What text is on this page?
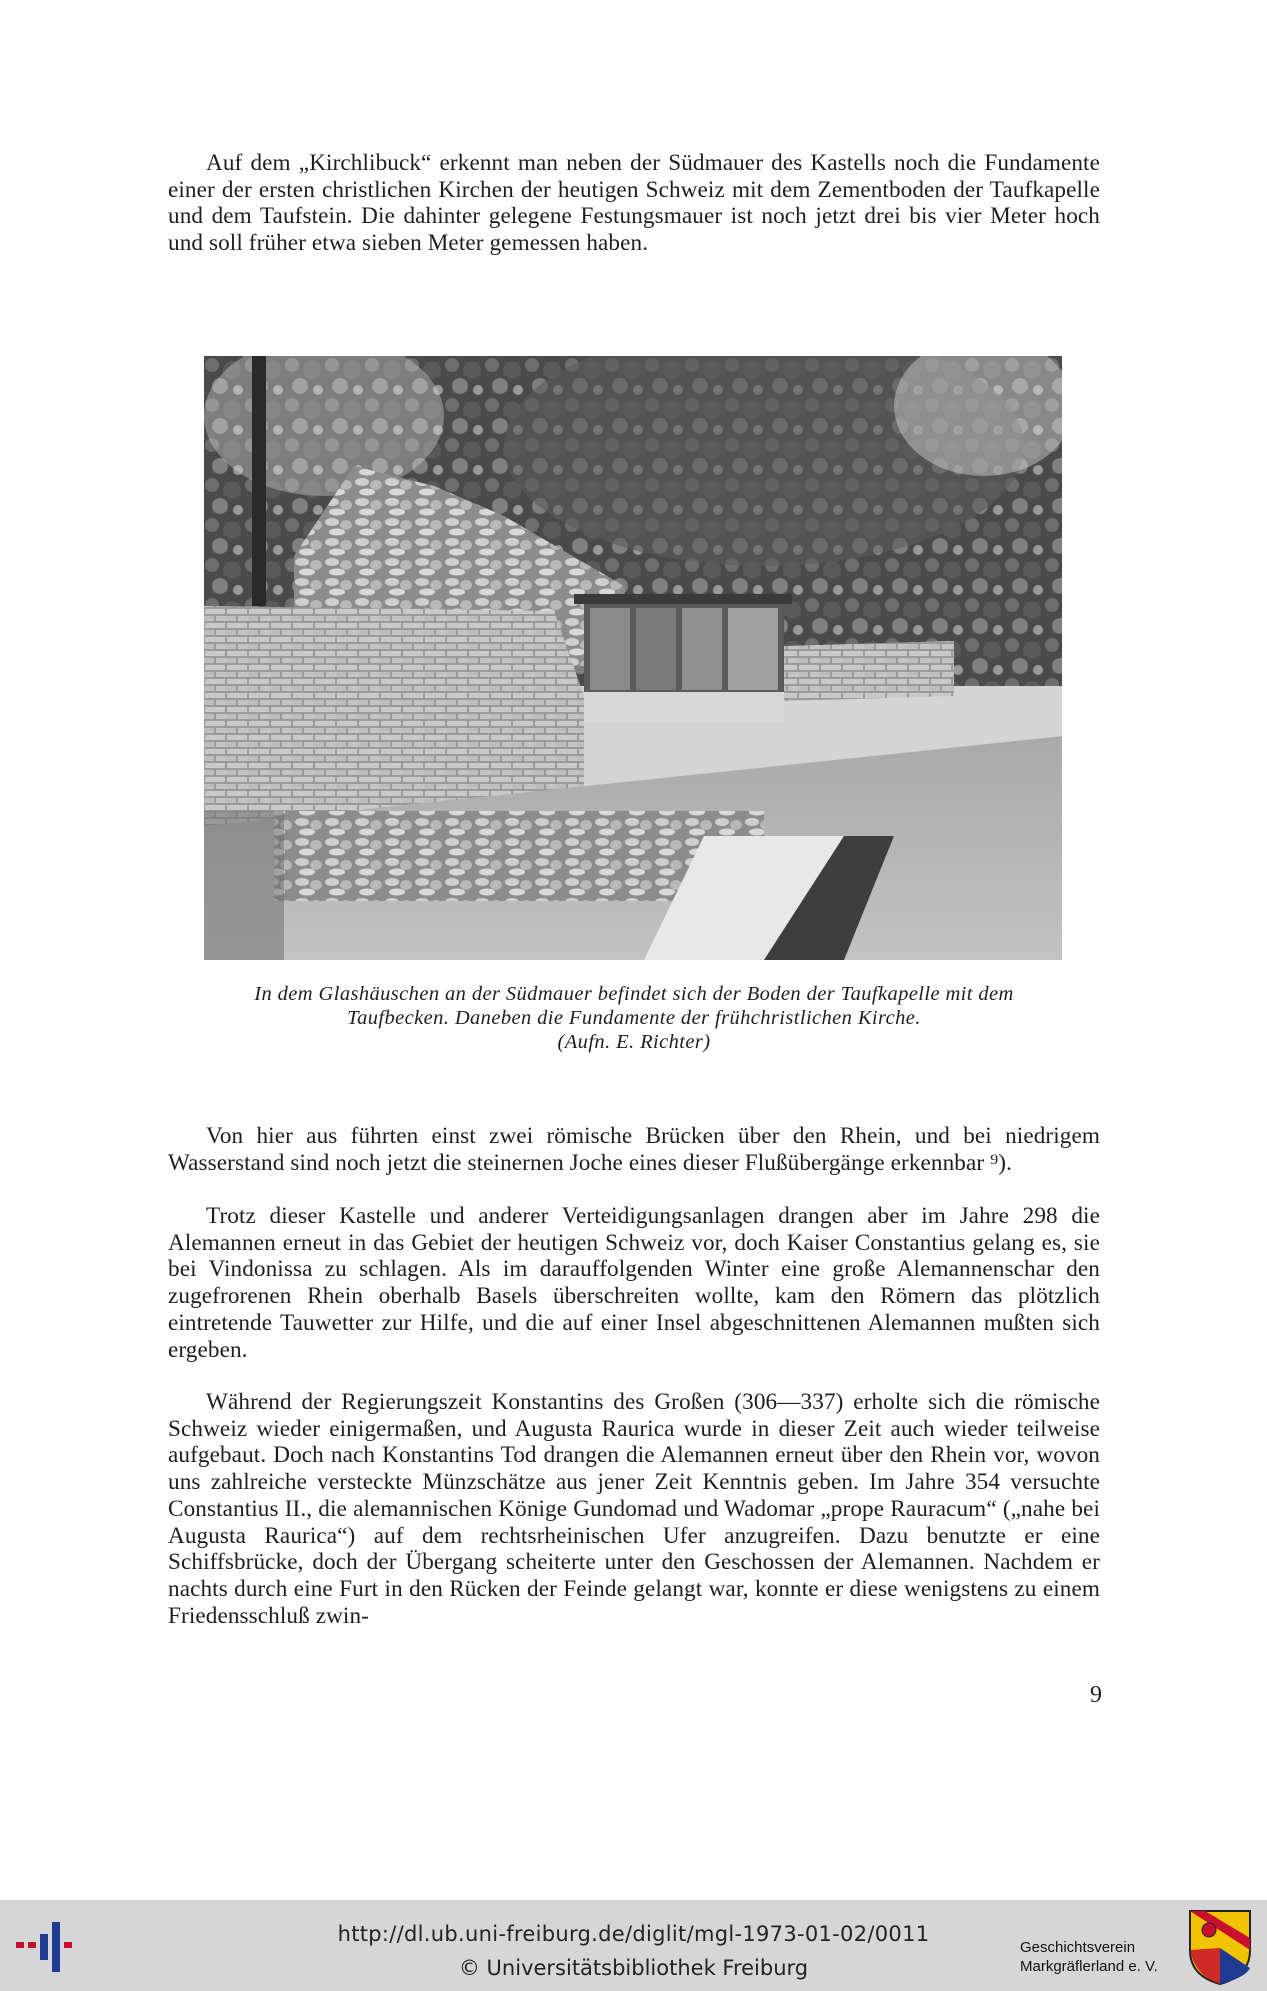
Auf dem „Kirchlibuck“ erkennt man neben der Südmauer des Kastells noch die Fundamente einer der ersten christlichen Kirchen der heutigen Schweiz mit dem Zementboden der Taufkapelle und dem Taufstein. Die dahinter gelegene Festungsmauer ist noch jetzt drei bis vier Meter hoch und soll früher etwa sieben Meter gemessen haben.

In dem Glashäuschen an der Südmauer befindet sich der Boden der Taufkapelle mit dem
Taufbecken. Daneben die Fundamente der frühchristlichen Kirche.
(Aufn. E. Richter)

Von hier aus führten einst zwei römische Brücken über den Rhein, und bei niedrigem Wasserstand sind noch jetzt die steinernen Joche eines dieser Flußübergänge erkennbar ⁹).

Trotz dieser Kastelle und anderer Verteidigungsanlagen drangen aber im Jahre 298 die Alemannen erneut in das Gebiet der heutigen Schweiz vor, doch Kaiser Constantius gelang es, sie bei Vindonissa zu schlagen. Als im darauffolgenden Winter eine große Alemannenschar den zugefrorenen Rhein oberhalb Basels überschreiten wollte, kam den Römern das plötzlich eintretende Tauwetter zur Hilfe, und die auf einer Insel abgeschnittenen Alemannen mußten sich ergeben.

Während der Regierungszeit Konstantins des Großen (306—337) erholte sich die römische Schweiz wieder einigermaßen, und Augusta Raurica wurde in dieser Zeit auch wieder teilweise aufgebaut. Doch nach Konstantins Tod drangen die Alemannen erneut über den Rhein vor, wovon uns zahlreiche versteckte Münzschätze aus jener Zeit Kenntnis geben. Im Jahre 354 versuchte Constantius II., die alemannischen Könige Gundomad und Wadomar „prope Rauracum“ („nahe bei Augusta Raurica“) auf dem rechtsrheinischen Ufer anzugreifen. Dazu benutzte er eine Schiffsbrücke, doch der Übergang scheiterte unter den Geschossen der Alemannen. Nachdem er nachts durch eine Furt in den Rücken der Feinde gelangt war, konnte er diese wenigstens zu einem Friedensschluß zwin-

9
http://dl.ub.uni-freiburg.de/diglit/mgl-1973-01-02/0011
© Universitätsbibliothek Freiburg
Geschichtsverein
Markgräflerland e. V.
